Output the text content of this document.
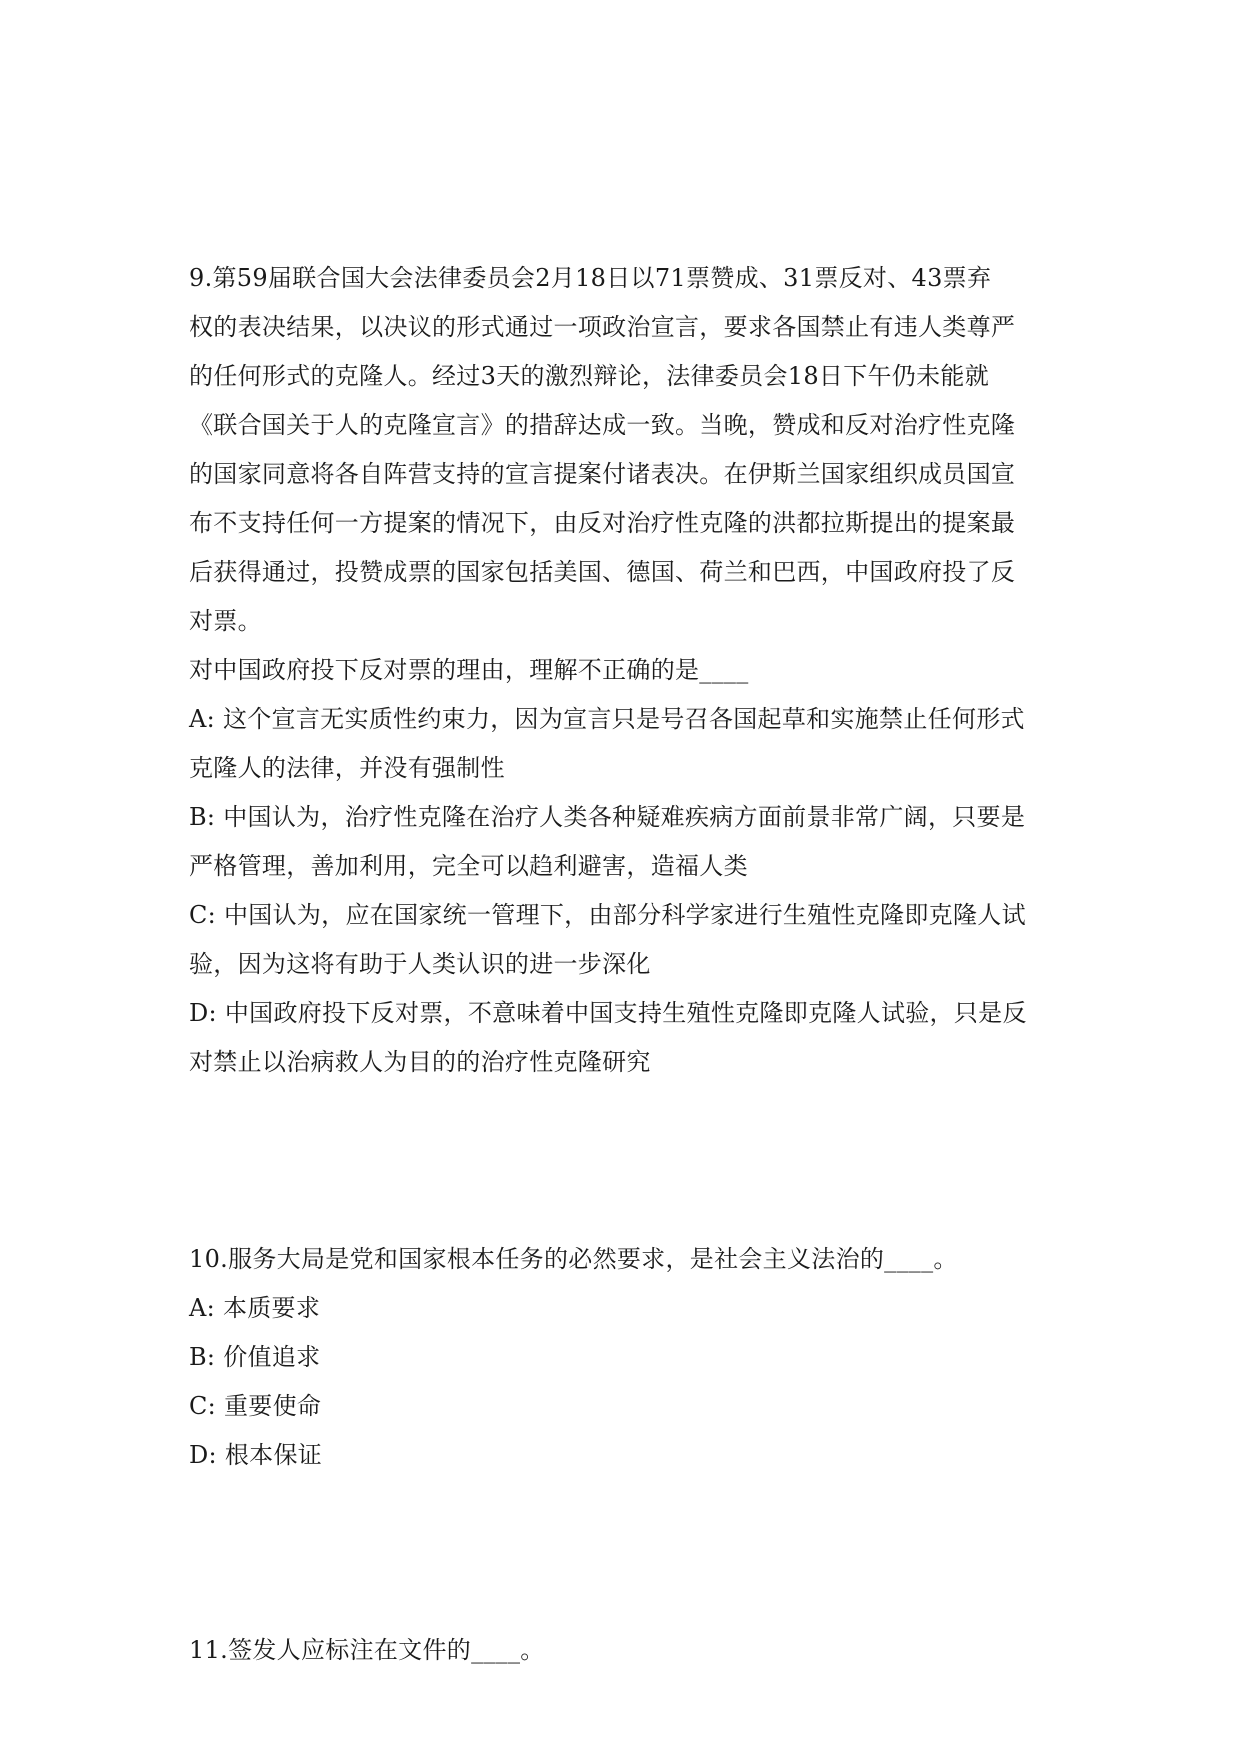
9.第59届联合国大会法律委员会2月18日以71票赞成、31票反对、43票弃
权的表决结果，以决议的形式通过一项政治宣言，要求各国禁止有违人类尊严
的任何形式的克隆人。经过3天的激烈辩论，法律委员会18日下午仍未能就
《联合国关于人的克隆宣言》的措辞达成一致。当晚，赞成和反对治疗性克隆
的国家同意将各自阵营支持的宣言提案付诸表决。在伊斯兰国家组织成员国宣
布不支持任何一方提案的情况下，由反对治疗性克隆的洪都拉斯提出的提案最
后获得通过，投赞成票的国家包括美国、德国、荷兰和巴西，中国政府投了反
对票。
对中国政府投下反对票的理由，理解不正确的是____
A: 这个宣言无实质性约束力，因为宣言只是号召各国起草和实施禁止任何形式
克隆人的法律，并没有强制性
B: 中国认为，治疗性克隆在治疗人类各种疑难疾病方面前景非常广阔，只要是
严格管理，善加利用，完全可以趋利避害，造福人类
C: 中国认为，应在国家统一管理下，由部分科学家进行生殖性克隆即克隆人试
验，因为这将有助于人类认识的进一步深化
D: 中国政府投下反对票，不意味着中国支持生殖性克隆即克隆人试验，只是反
对禁止以治病救人为目的的治疗性克隆研究
10.服务大局是党和国家根本任务的必然要求，是社会主义法治的____。
A: 本质要求
B: 价值追求
C: 重要使命
D: 根本保证
11.签发人应标注在文件的____。
